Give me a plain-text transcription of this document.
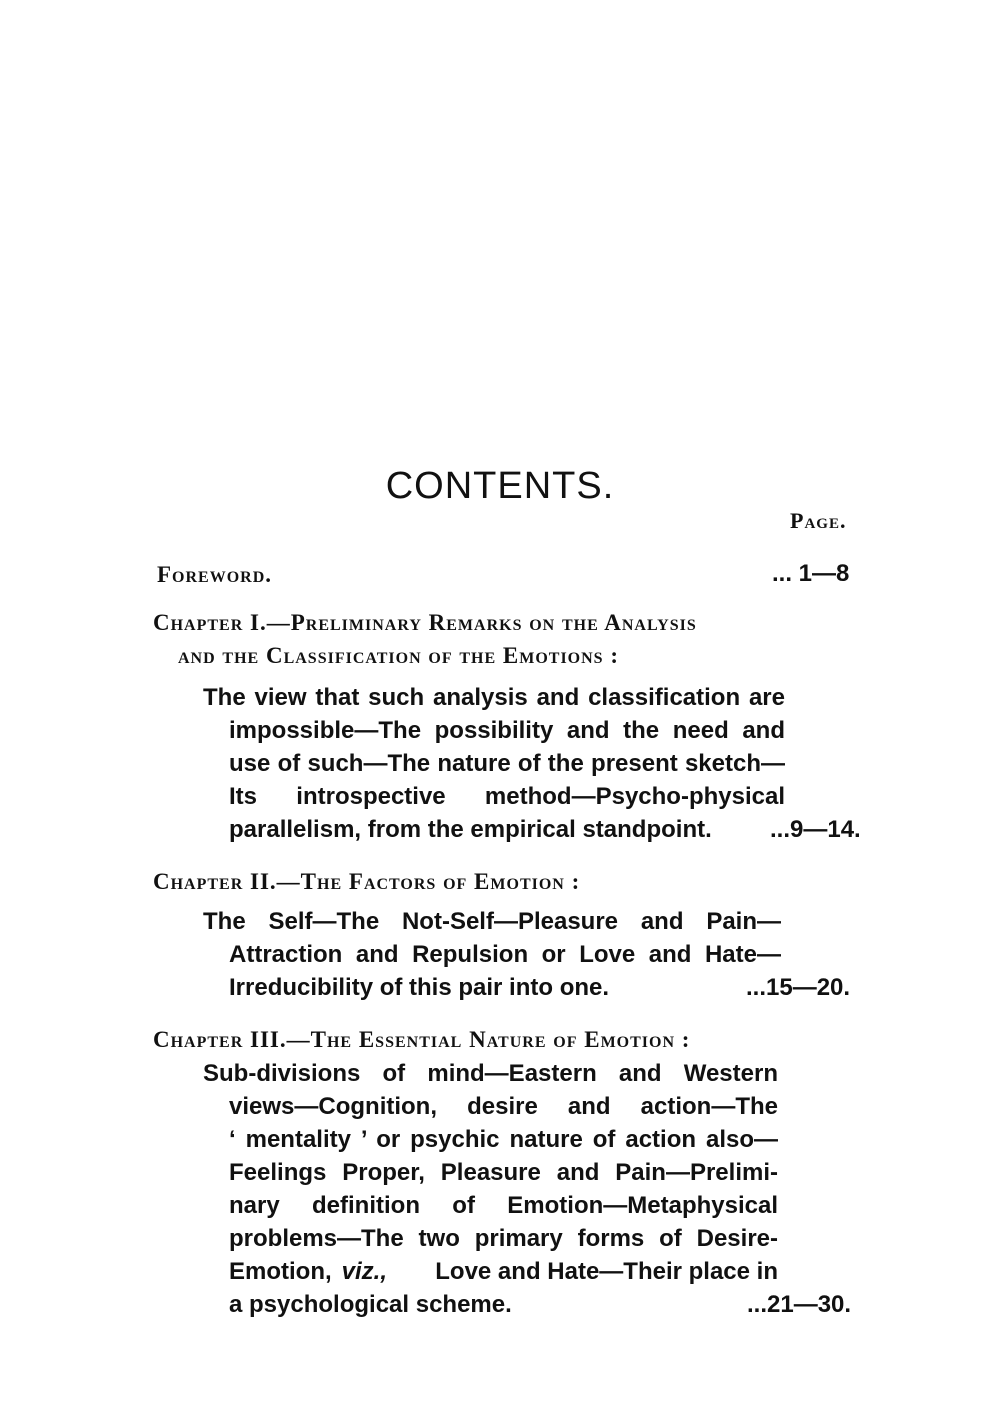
CONTENTS.
Page.
Foreword.	... 1—8
Chapter I.—Preliminary Remarks on the Analysis
and the Classification of the Emotions :
The view that such analysis and classification are
impossible—The possibility and the need and
use of such—The nature of the present sketch—
Its introspective method—Psycho-physical
parallelism, from the empirical standpoint. ...9—14.
Chapter II.—The Factors of Emotion :
The Self—The Not-Self—Pleasure and Pain—
Attraction and Repulsion or Love and Hate—
Irreducibility of this pair into one.	...15—20.
Chapter III.—The Essential Nature of Emotion :
Sub-divisions of mind—Eastern and Western
views—Cognition, desire and action—The
‘ mentality ’ or psychic nature of action also—
Feelings Proper, Pleasure and Pain—Prelimi-
nary definition of Emotion—Metaphysical
problems—The two primary forms of Desire-
Emotion, viz., Love and Hate—Their place in
a psychological scheme.	...21—30.
